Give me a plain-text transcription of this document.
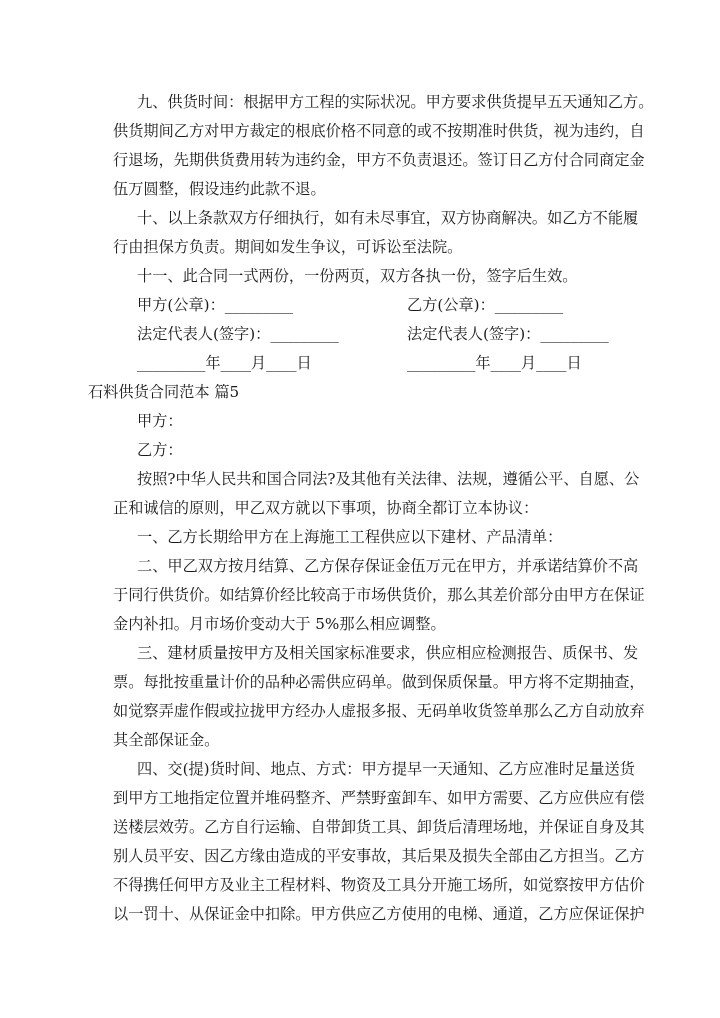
九、供货时间：根据甲方工程的实际状况。甲方要求供货提早五天通知乙方。
供货期间乙方对甲方裁定的根底价格不同意的或不按期准时供货，视为违约，自
行退场，先期供货费用转为违约金，甲方不负责退还。签订日乙方付合同商定金
伍万圆整，假设违约此款不退。
十、以上条款双方仔细执行，如有未尽事宜，双方协商解决。如乙方不能履
行由担保方负责。期间如发生争议，可诉讼至法院。
十一、此合同一式两份，一份两页，双方各执一份，签字后生效。
甲方(公章)：_________	乙方(公章)：_________
法定代表人(签字)：_________	法定代表人(签字)：_________
_________年____月____日	_________年____月____日
石料供货合同范本 篇5
甲方：
乙方：
按照?中华人民共和国合同法?及其他有关法律、法规，遵循公平、自愿、公
正和诚信的原则，甲乙双方就以下事项，协商全都订立本协议：
一、乙方长期给甲方在上海施工工程供应以下建材、产品清单：
二、甲乙双方按月结算、乙方保存保证金伍万元在甲方，并承诺结算价不高
于同行供货价。如结算价经比较高于市场供货价，那么其差价部分由甲方在保证
金内补扣。月市场价变动大于 5%那么相应调整。
三、建材质量按甲方及相关国家标准要求，供应相应检测报告、质保书、发
票。每批按重量计价的品种必需供应码单。做到保质保量。甲方将不定期抽查，
如觉察弄虚作假或拉拢甲方经办人虚报多报、无码单收货签单那么乙方自动放弃
其全部保证金。
四、交(提)货时间、地点、方式：甲方提早一天通知、乙方应准时足量送货
到甲方工地指定位置并堆码整齐、严禁野蛮卸车、如甲方需要、乙方应供应有偿
送楼层效劳。乙方自行运输、自带卸货工具、卸货后清理场地，并保证自身及其
别人员平安、因乙方缘由造成的平安事故，其后果及损失全部由乙方担当。乙方
不得携任何甲方及业主工程材料、物资及工具分开施工场所，如觉察按甲方估价
以一罚十、从保证金中扣除。甲方供应乙方使用的电梯、通道，乙方应保证保护
